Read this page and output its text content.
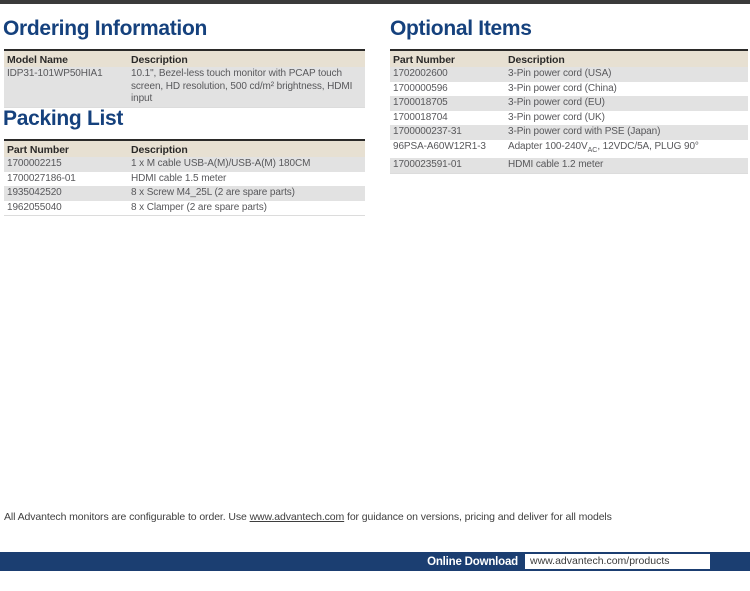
Ordering Information
Model Name	Description
IDP31-101WP50HIA1	10.1", Bezel-less touch monitor with PCAP touch screen, HD resolution, 500 cd/m² brightness, HDMI input
Packing List
Part Number	Description
1700002215	1 x M cable USB-A(M)/USB-A(M) 180CM
1700027186-01	HDMI cable 1.5 meter
1935042520	8 x Screw M4_25L (2 are spare parts)
1962055040	8 x Clamper (2 are spare parts)
Optional Items
Part Number	Description
1702002600	3-Pin power cord (USA)
1700000596	3-Pin power cord (China)
1700018705	3-Pin power cord (EU)
1700018704	3-Pin power cord (UK)
1700000237-31	3-Pin power cord with PSE (Japan)
96PSA-A60W12R1-3	Adapter $100-240V_{AC}$, 12VDC/5A, PLUG 90°
1700023591-01	HDMI cable 1.2 meter
All Advantech monitors are configurable to order. Use www.advantech.com for guidance on versions, pricing and deliver for all models
Online Download	www.advantech.com/products
